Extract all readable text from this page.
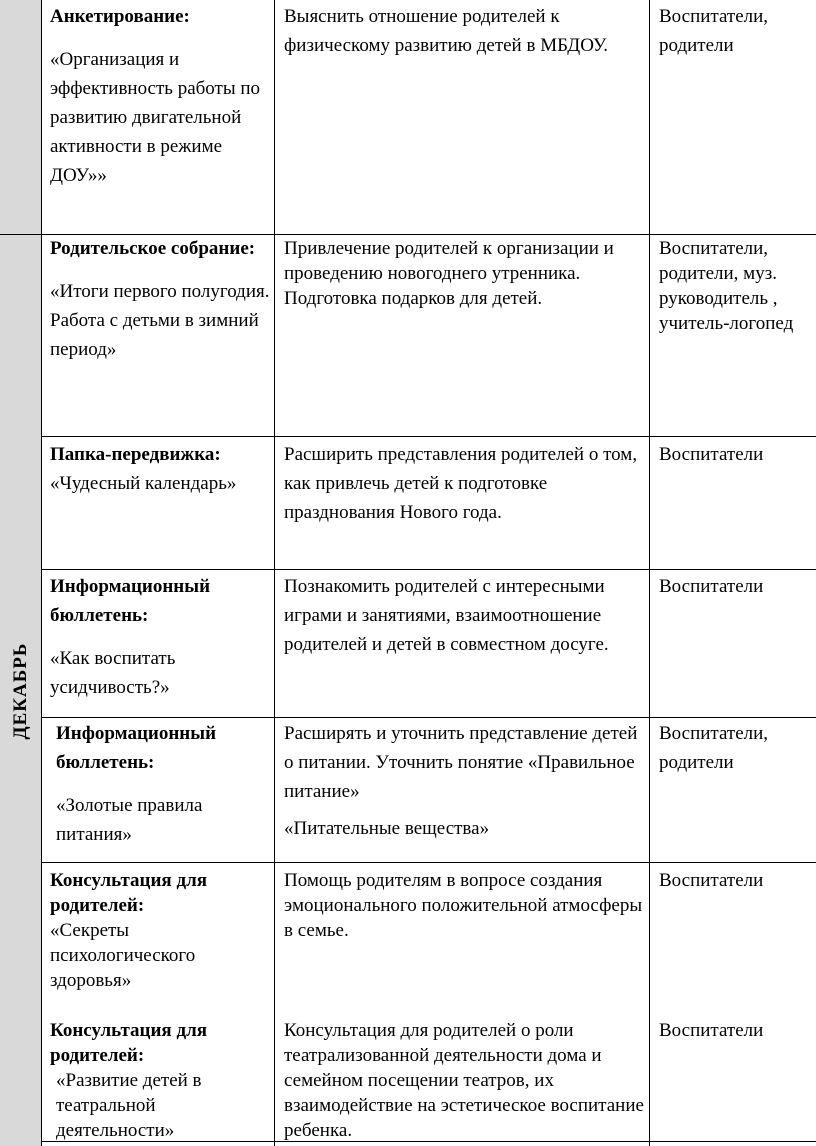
ДЕКАБРЬ

Анкетирование:

«Организация и эффективность работы по развитию двигательной активности в режиме ДОУ»»

Выяснить отношение родителей к физическому развитию детей в МБДОУ.
Воспитатели, родители

Родительское собрание:

«Итоги первого полугодия. Работа с детьми в зимний период»

Привлечение родителей к организации и проведению новогоднего утренника. Подготовка подарков для детей.
Воспитатели, родители, муз. руководитель , учитель-логопед

Папка-передвижка:

«Чудесный календарь»

Расширить представления родителей о том, как привлечь детей к подготовке празднования Нового года.
Воспитатели

Информационный бюллетень:

«Как воспитать усидчивость?»

Познакомить родителей с интересными играми и занятиями, взаимоотношение родителей и детей в совместном досуге.
Воспитатели

Информационный бюллетень:

«Золотые правила питания»

Расширять и уточнить представление детей о питании. Уточнить понятие «Правильное питание»

«Питательные вещества»

Воспитатели, родители

Консультация для родителей:

«Секреты психологического здоровья»

Помощь родителям в вопросе создания эмоционального положительной атмосферы в семье.
Воспитатели

Консультация для родителей:

«Развитие детей в театральной деятельности»

Консультация для родителей о роли театрализованной деятельности дома и семейном посещении театров, их взаимодействие на эстетическое воспитание ребенка.
Воспитатели
